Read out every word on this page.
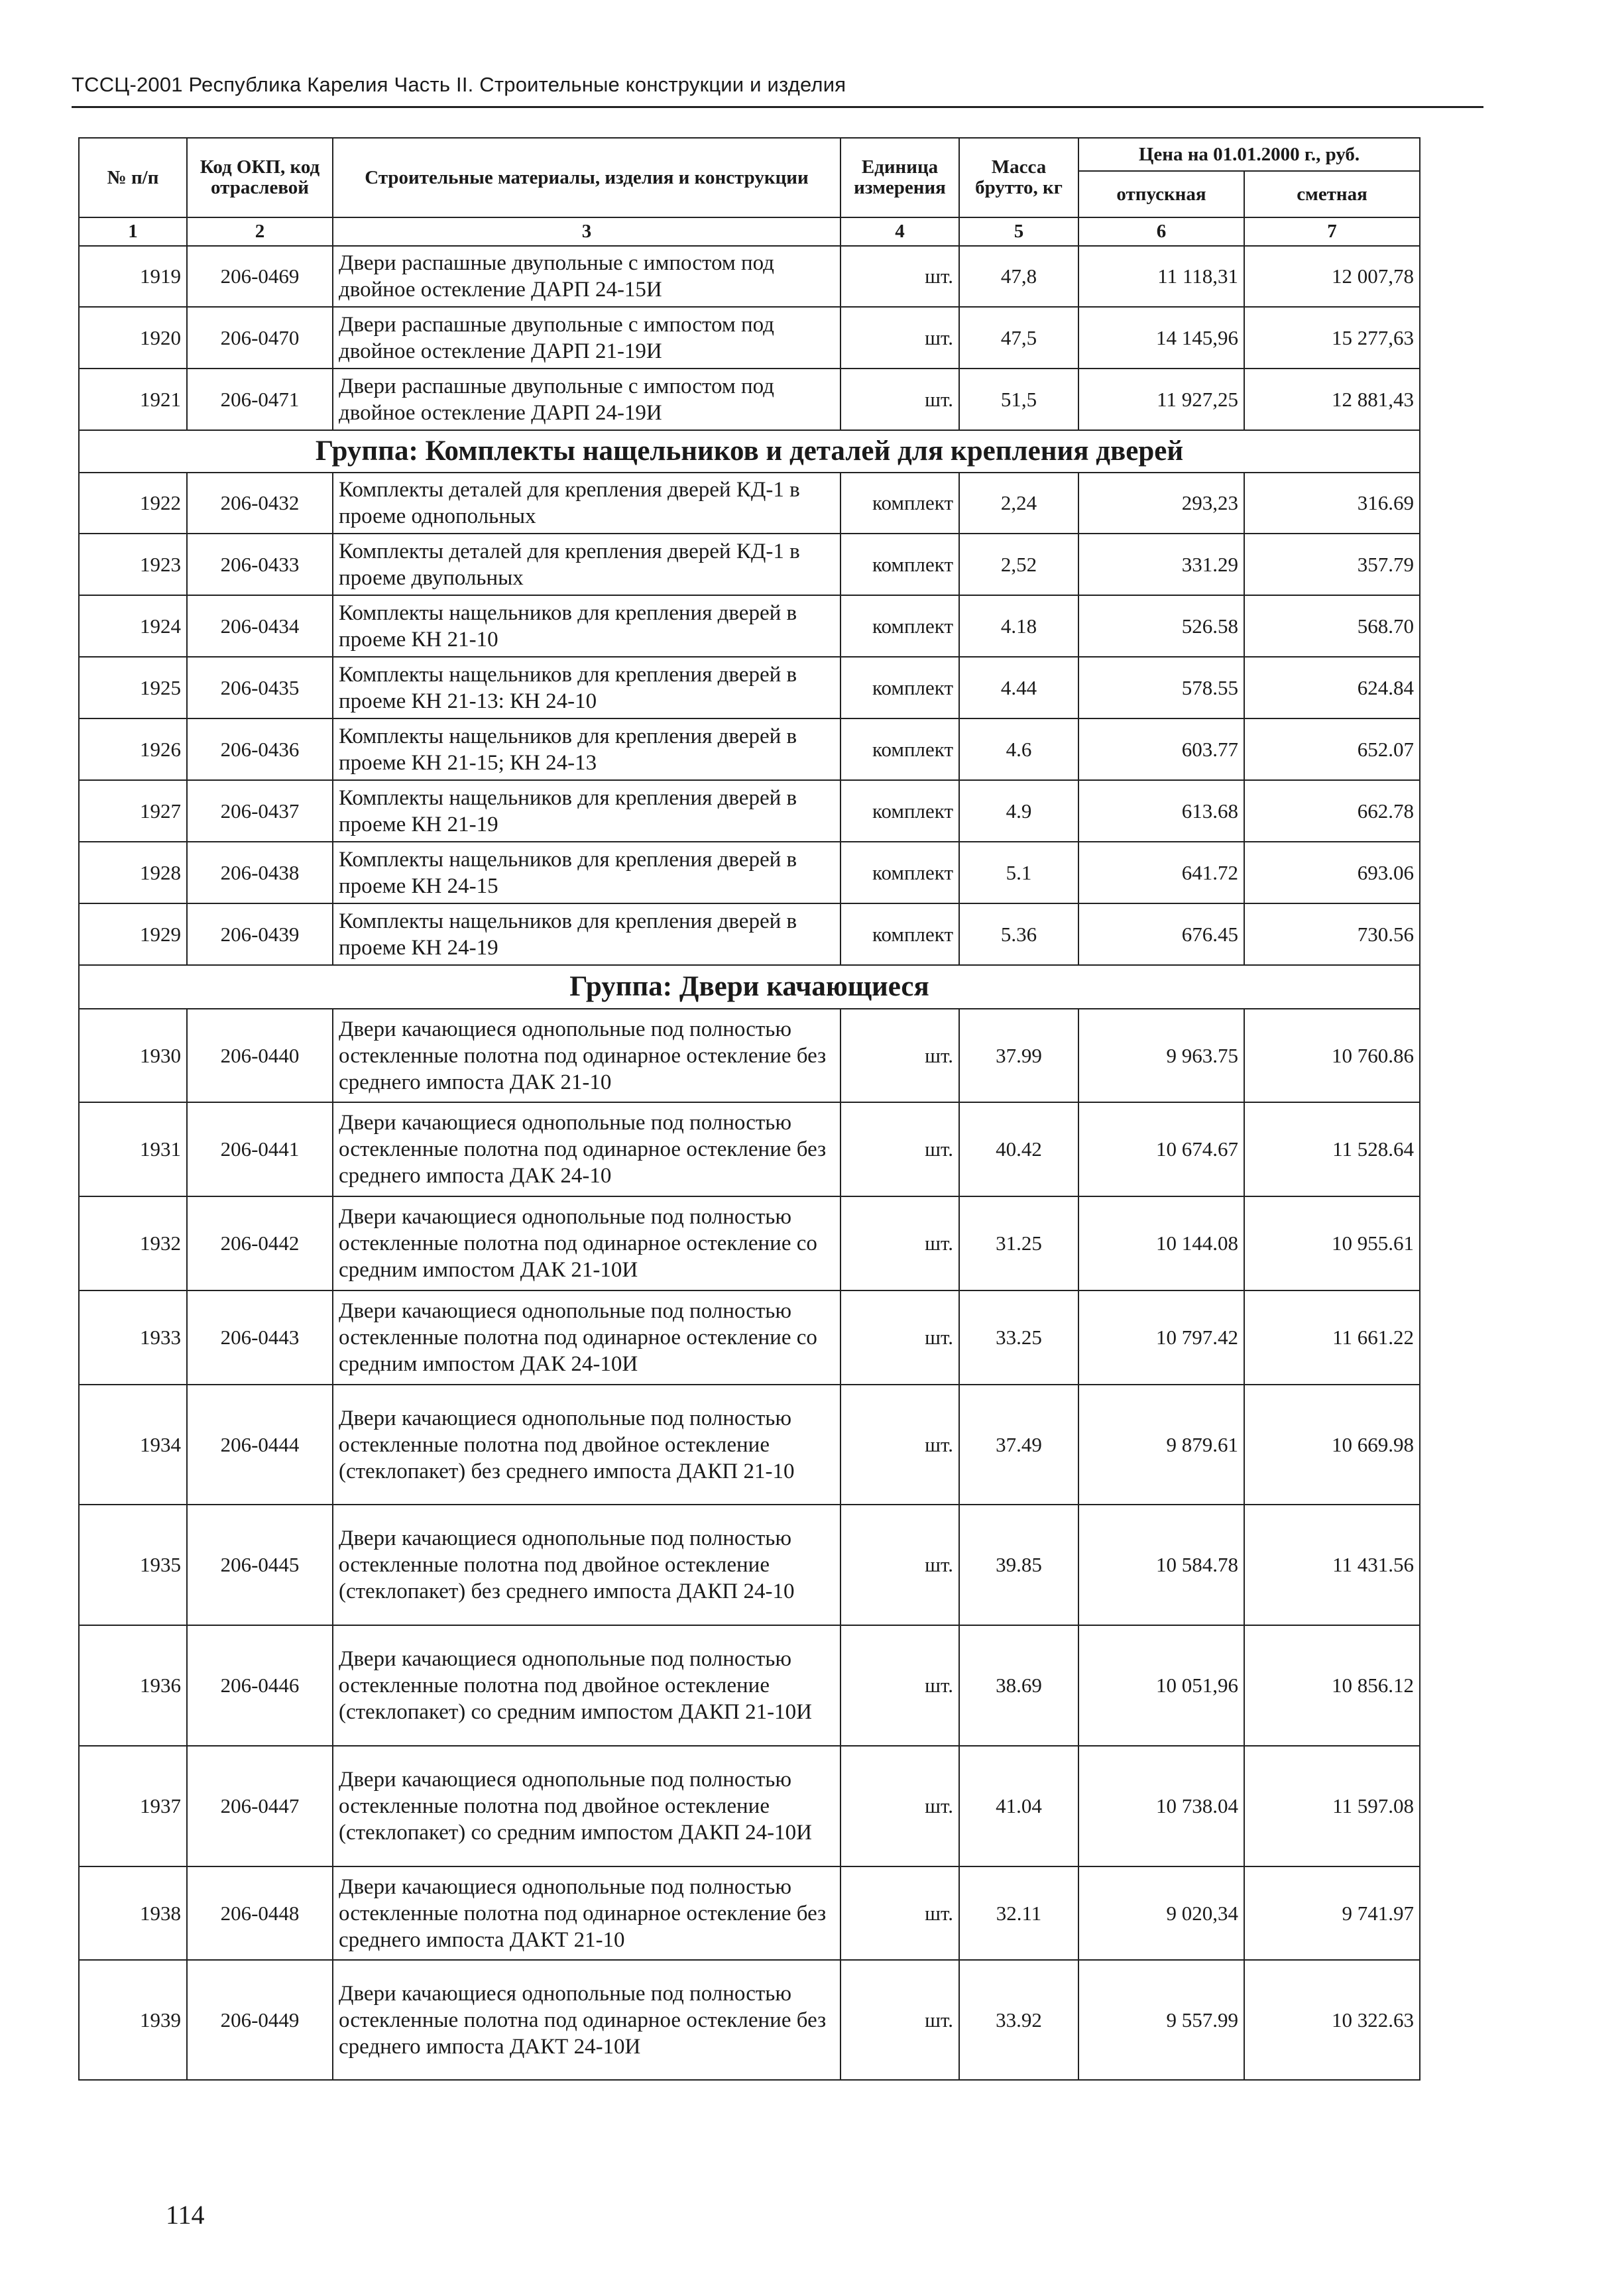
ТССЦ-2001 Республика Карелия Часть II. Строительные конструкции и изделия
№ п/п	Код ОКП, код отраслевой	Строительные материалы, изделия и конструкции	Единица измерения	Масса брутто, кг	Цена на 01.01.2000 г., руб.	
					отпускная	сметная
1	2	3	4	5	6	7
1919	206-0469	Двери распашные двупольные с импостом под двойное остекление ДАРП 24-15И	шт.	47,8	11 118,31	12 007,78
1920	206-0470	Двери распашные двупольные с импостом под двойное остекление ДАРП 21-19И	шт.	47,5	14 145,96	15 277,63
1921	206-0471	Двери распашные двупольные с импостом под двойное остекление ДАРП 24-19И	шт.	51,5	11 927,25	12 881,43
Группа: Комплекты нащельников и деталей для крепления дверей						
1922	206-0432	Комплекты деталей для крепления дверей КД-1 в проеме однопольных	комплект	2,24	293,23	316.69
1923	206-0433	Комплекты деталей для крепления дверей КД-1 в проеме двупольных	комплект	2,52	331.29	357.79
1924	206-0434	Комплекты нащельников для крепления дверей в проеме КН 21-10	комплект	4.18	526.58	568.70
1925	206-0435	Комплекты нащельников для крепления дверей в проеме КН 21-13: КН 24-10	комплект	4.44	578.55	624.84
1926	206-0436	Комплекты нащельников для крепления дверей в проеме КН 21-15; КН 24-13	комплект	4.6	603.77	652.07
1927	206-0437	Комплекты нащельников для крепления дверей в проеме КН 21-19	комплект	4.9	613.68	662.78
1928	206-0438	Комплекты нащельников для крепления дверей в проеме КН 24-15	комплект	5.1	641.72	693.06
1929	206-0439	Комплекты нащельников для крепления дверей в проеме КН 24-19	комплект	5.36	676.45	730.56
Группа: Двери качающиеся						
1930	206-0440	Двери качающиеся однопольные под полностью остекленные полотна под одинарное остекление без среднего импоста ДАК 21-10	шт.	37.99	9 963.75	10 760.86
1931	206-0441	Двери качающиеся однопольные под полностью остекленные полотна под одинарное остекление без среднего импоста ДАК 24-10	шт.	40.42	10 674.67	11 528.64
1932	206-0442	Двери качающиеся однопольные под полностью остекленные полотна под одинарное остекление со средним импостом ДАК 21-10И	шт.	31.25	10 144.08	10 955.61
1933	206-0443	Двери качающиеся однопольные под полностью остекленные полотна под одинарное остекление со средним импостом ДАК 24-10И	шт.	33.25	10 797.42	11 661.22
1934	206-0444	Двери качающиеся однопольные под полностью остекленные полотна под двойное остекление (стеклопакет) без среднего импоста ДАКП 21-10	шт.	37.49	9 879.61	10 669.98
1935	206-0445	Двери качающиеся однопольные под полностью остекленные полотна под двойное остекление (стеклопакет) без среднего импоста ДАКП 24-10	шт.	39.85	10 584.78	11 431.56
1936	206-0446	Двери качающиеся однопольные под полностью остекленные полотна под двойное остекление (стеклопакет) со средним импостом ДАКП 21-10И	шт.	38.69	10 051,96	10 856.12
1937	206-0447	Двери качающиеся однопольные под полностью остекленные полотна под двойное остекление (стеклопакет) со средним импостом ДАКП 24-10И	шт.	41.04	10 738.04	11 597.08
1938	206-0448	Двери качающиеся однопольные под полностью остекленные полотна под одинарное остекление без среднего импоста ДАКТ 21-10	шт.	32.11	9 020,34	9 741.97
1939	206-0449	Двери качающиеся однопольные под полностью остекленные полотна под одинарное остекление без среднего импоста ДАКТ 24-10И	шт.	33.92	9 557.99	10 322.63
114
